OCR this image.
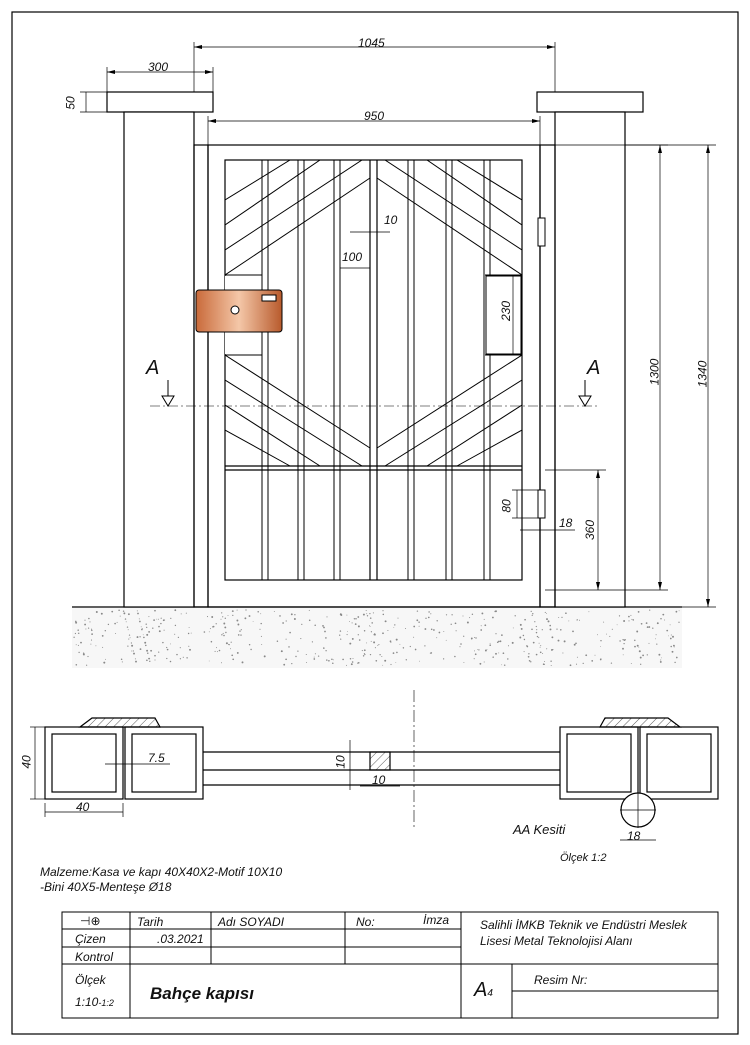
1045
300
50
950
10
100
230
1300	1340
80
18 360
A	A
40
40
7.5	10
10
18
AA Kesiti
Ölçek 1:2
Malzeme:Kasa ve kapı 40X40X2-Motif 10X10
-Bini 40X5-Menteşe Ø18
⊣⊕	Tarih	Adı SOYADI	No:	İmza
Çizen	.03.2021
Kontrol
Ölçek
1:10-1:2 Bahçe kapısı	A4
Salihli İMKB Teknik ve Endüstri Meslek
Lisesi Metal Teknolojisi Alanı
Resim Nr:
